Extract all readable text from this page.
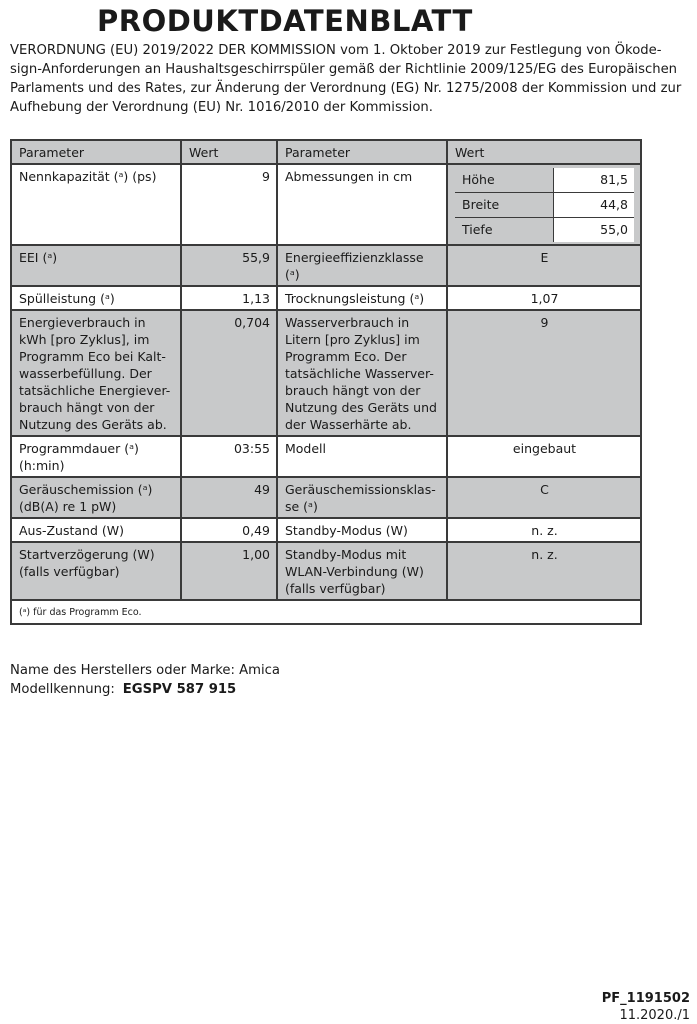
PRODUKTDATENBLATT

VERORDNUNG (EU) 2019/2022 DER KOMMISSION vom 1. Oktober 2019 zur Festlegung von Ökode-
sign-Anforderungen an Haushaltsgeschirrspüler gemäß der Richtlinie 2009/125/EG des Europäischen
Parlaments und des Rates, zur Änderung der Verordnung (EG) Nr. 1275/2008 der Kommission und zur
Aufhebung der Verordnung (EU) Nr. 1016/2010 der Kommission.

Parameter	Wert	Parameter	Wert
Nennkapazität (ᵃ) (ps)	9	Abmessungen in cm		Höhe	81,5
Breite	44,8
Tiefe	55,0

EEI (ᵃ)	55,9	Energieeffizienzklasse (ᵃ)	E
Spülleistung (ᵃ)	1,13	Trocknungsleistung (ᵃ)	1,07
Energieverbrauch in kWh [pro Zyklus], im Programm Eco bei Kalt-wasserbefüllung. Der tatsächliche Energiever-brauch hängt von der Nutzung des Geräts ab.	0,704	Wasserverbrauch in Litern [pro Zyklus] im Programm Eco. Der tatsächliche Wasserver-brauch hängt von der Nutzung des Geräts und der Wasserhärte ab.	9
Programmdauer (ᵃ) (h:min)	03:55	Modell	eingebaut
Geräuschemission (ᵃ) (dB(A) re 1 pW)	49	Geräuschemissionsklas-se (ᵃ)	C
Aus-Zustand (W)	0,49	Standby-Modus (W)	n. z.
Startverzögerung (W) (falls verfügbar)	1,00	Standby-Modus mit WLAN-Verbindung (W) (falls verfügbar)	n. z.
(ᵃ) für das Programm Eco.
Name des Herstellers oder Marke: Amica
Modellkennung: EGSPV 587 915
PF_1191502
11.2020./1
